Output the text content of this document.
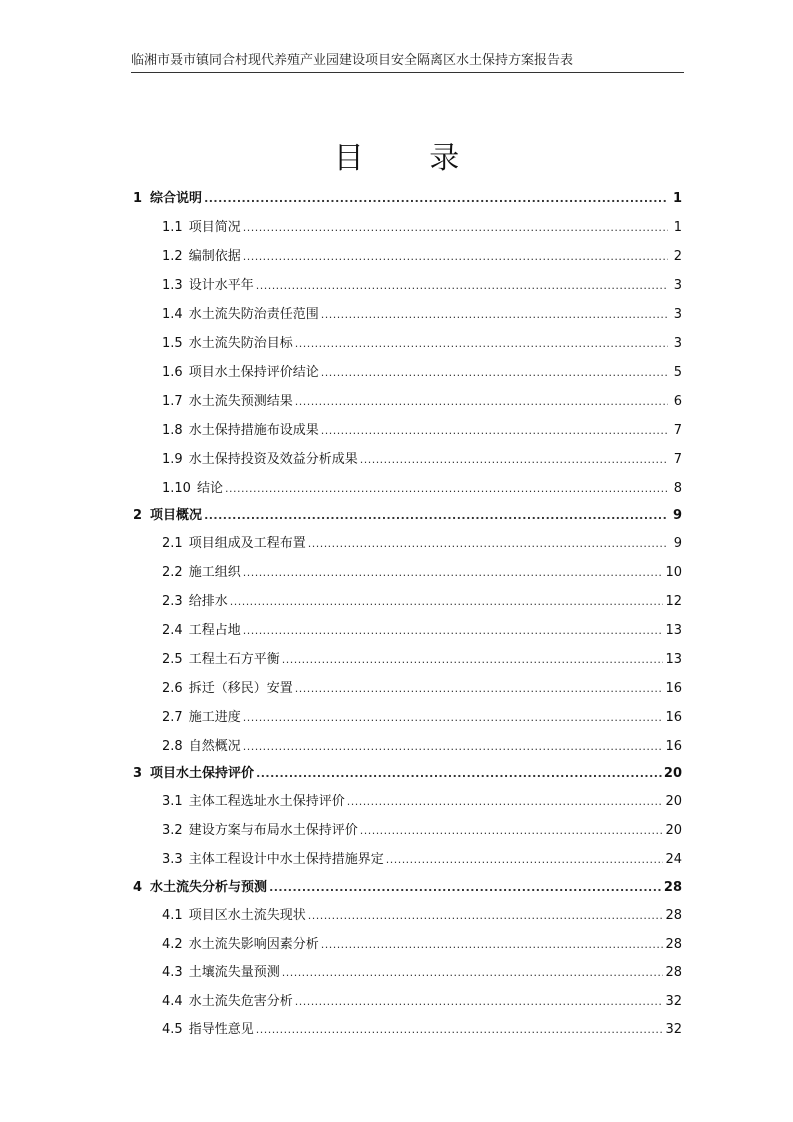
临湘市聂市镇同合村现代养殖产业园建设项目安全隔离区水土保持方案报告表
目 录
1 综合说明 .....	1
1.1 项目简况 .....	1
1.2 编制依据 .....	2
1.3 设计水平年 .....	3
1.4 水土流失防治责任范围 .....	3
1.5 水土流失防治目标 .....	3
1.6 项目水土保持评价结论 .....	5
1.7 水土流失预测结果 .....	6
1.8 水土保持措施布设成果 .....	7
1.9 水土保持投资及效益分析成果 .....	7
1.10 结论 .....	8
2 项目概况 .....	9
2.1 项目组成及工程布置 .....	9
2.2 施工组织 .....	10
2.3 给排水 .....	12
2.4 工程占地 .....	13
2.5 工程土石方平衡 .....	13
2.6 拆迁（移民）安置 .....	16
2.7 施工进度 .....	16
2.8 自然概况 .....	16
3 项目水土保持评价 .....	20
3.1 主体工程选址水土保持评价 .....	20
3.2 建设方案与布局水土保持评价 .....	20
3.3 主体工程设计中水土保持措施界定 .....	24
4 水土流失分析与预测 .....	28
4.1 项目区水土流失现状 .....	28
4.2 水土流失影响因素分析 .....	28
4.3 土壤流失量预测 .....	28
4.4 水土流失危害分析 .....	32
4.5 指导性意见 .....	32
